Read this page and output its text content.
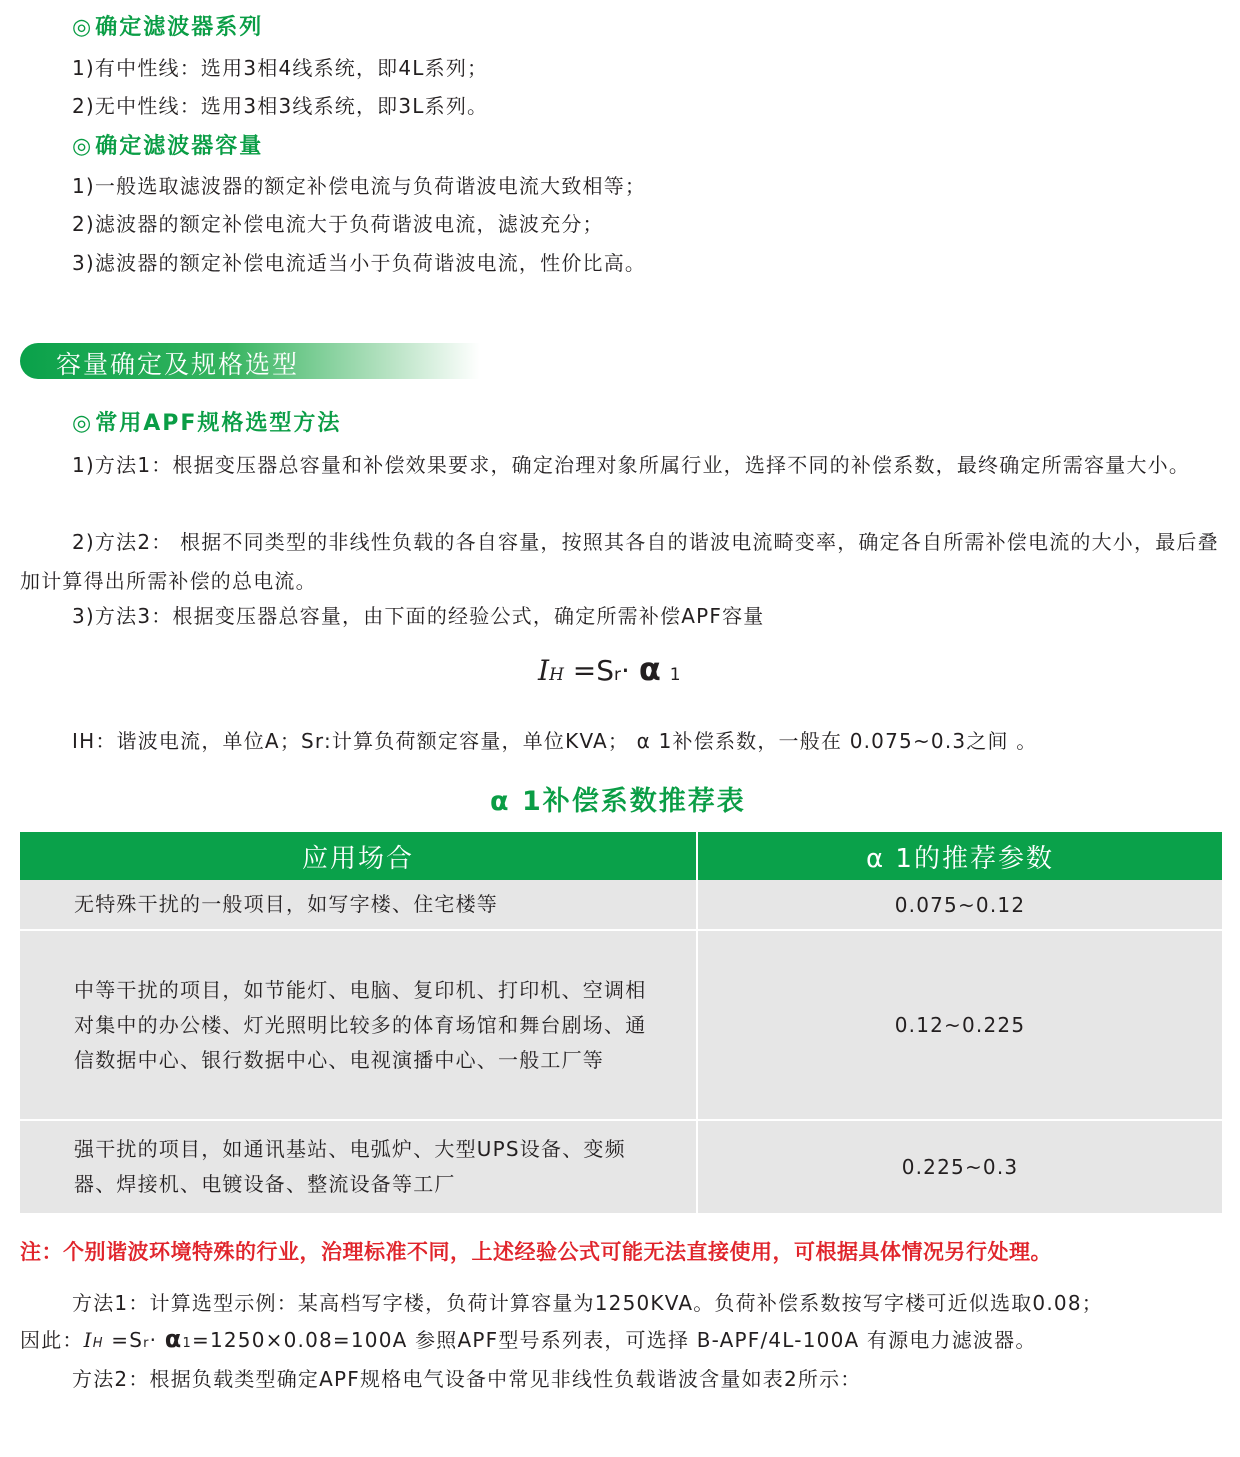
◎确定滤波器系列
1)有中性线：选用3相4线系统，即4L系列；
2)无中性线：选用3相3线系统，即3L系列。
◎确定滤波器容量
1)一般选取滤波器的额定补偿电流与负荷谐波电流大致相等；
2)滤波器的额定补偿电流大于负荷谐波电流，滤波充分；
3)滤波器的额定补偿电流适当小于负荷谐波电流，性价比高。
容量确定及规格选型
◎常用APF规格选型方法
1)方法1：根据变压器总容量和补偿效果要求，确定治理对象所属行业，选择不同的补偿系数，最终确定所需容量大小。
2)方法2： 根据不同类型的非线性负载的各自容量，按照其各自的谐波电流畸变率，确定各自所需补偿电流的大小，最后叠加计算得出所需补偿的总电流。
3)方法3：根据变压器总容量，由下面的经验公式，确定所需补偿APF容量
IH =Sr· α 1
IH：谐波电流，单位A；Sr:计算负荷额定容量，单位KVA； α 1补偿系数，一般在 0.075~0.3之间 。
α 1补偿系数推荐表
应用场合	α 1的推荐参数
无特殊干扰的一般项目，如写字楼、住宅楼等	0.075~0.12
中等干扰的项目，如节能灯、电脑、复印机、打印机、空调相对集中的办公楼、灯光照明比较多的体育场馆和舞台剧场、通信数据中心、银行数据中心、电视演播中心、一般工厂等	0.12~0.225
强干扰的项目，如通讯基站、电弧炉、大型UPS设备、变频器、焊接机、电镀设备、整流设备等工厂	0.225~0.3
注：个别谐波环境特殊的行业，治理标准不同，上述经验公式可能无法直接使用，可根据具体情况另行处理。
方法1：计算选型示例：某高档写字楼，负荷计算容量为1250KVA。负荷补偿系数按写字楼可近似选取0.08；
因此：IH =Sr· α1=1250×0.08=100A 参照APF型号系列表，可选择 B-APF/4L-100A 有源电力滤波器。
方法2：根据负载类型确定APF规格电气设备中常见非线性负载谐波含量如表2所示：
